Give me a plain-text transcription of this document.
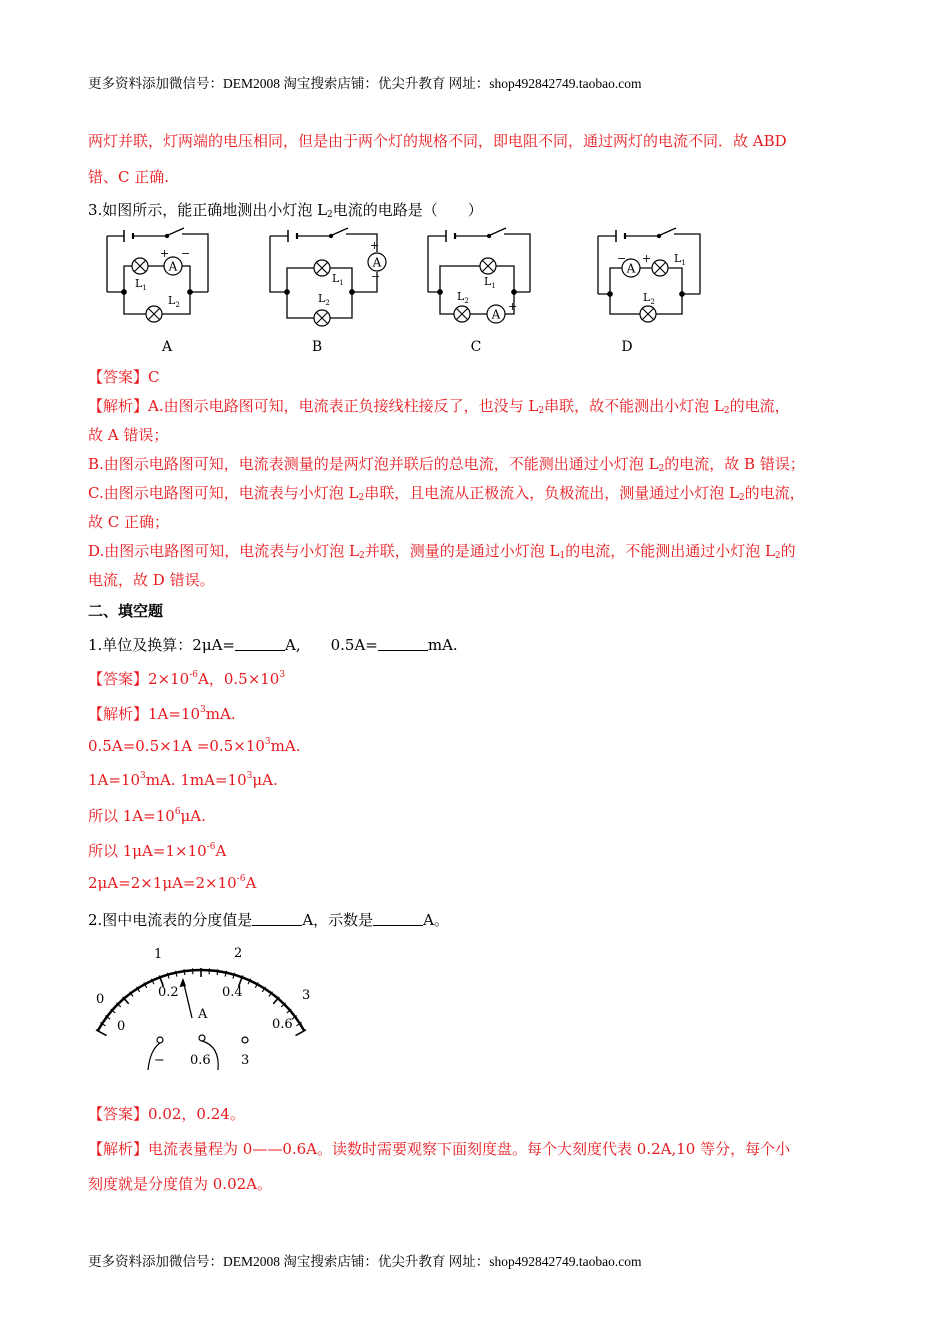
更多资料添加微信号：DEM2008 淘宝搜索店铺：优尖升教育 网址：shop492842749.taobao.com
两灯并联，灯两端的电压相同，但是由于两个灯的规格不同，即电阻不同，通过两灯的电流不同．故 ABD
错、C 正确.
3.如图所示，能正确地测出小灯泡 $L_2$电流的电路是（　　）
A	A
A
A
+ −
+
−
+
− +
$L_1$
$L_2$
$L_1$
$L_2$
$L_1$
$L_2$
$L_1$
$L_2$
A	B	C	D
【答案】C
【解析】A.由图示电路图可知，电流表正负接线柱接反了，也没与 $L_2$串联，故不能测出小灯泡 $L_2$的电流，
故 A 错误；
B.由图示电路图可知，电流表测量的是两灯泡并联后的总电流，不能测出通过小灯泡 $L_2$的电流，故 B 错误；
C.由图示电路图可知，电流表与小灯泡 $L_2$串联，且电流从正极流入，负极流出，测量通过小灯泡 $L_2$的电流，
故 C 正确；
D.由图示电路图可知，电流表与小灯泡 $L_2$并联，测量的是通过小灯泡 $L_1$的电流，不能测出通过小灯泡 $L_2$的
电流，故 D 错误。
二、填空题
1.单位及换算：2μA=	A,　　0.5A=	mA.
【答案】$2\times 10^{-6}A$，$0.5\times 10^3$
【解析】$1A=10^3mA$.
$0.5A=0.5\times 1A =0.5\times 10^3mA$.
$1A=10^3mA$. $1mA=10^3\mu A$.
所以 $1A=10^6\mu A$.
所以 $1\mu A=1\times 10^{-6}A$
$2\mu A=2\times 1\mu A=2\times 10^{-6}A$
2.图中电流表的分度值是	A，示数是	A。
0
1	2
3
0.2	0.4
0	0.6
A
− 0.6 3
【答案】0.02，0.24。
【解析】电流表量程为 0——0.6A。读数时需要观察下面刻度盘。每个大刻度代表 0.2A,10 等分，每个小
刻度就是分度值为 0.02A。
更多资料添加微信号：DEM2008 淘宝搜索店铺：优尖升教育 网址：shop492842749.taobao.com
